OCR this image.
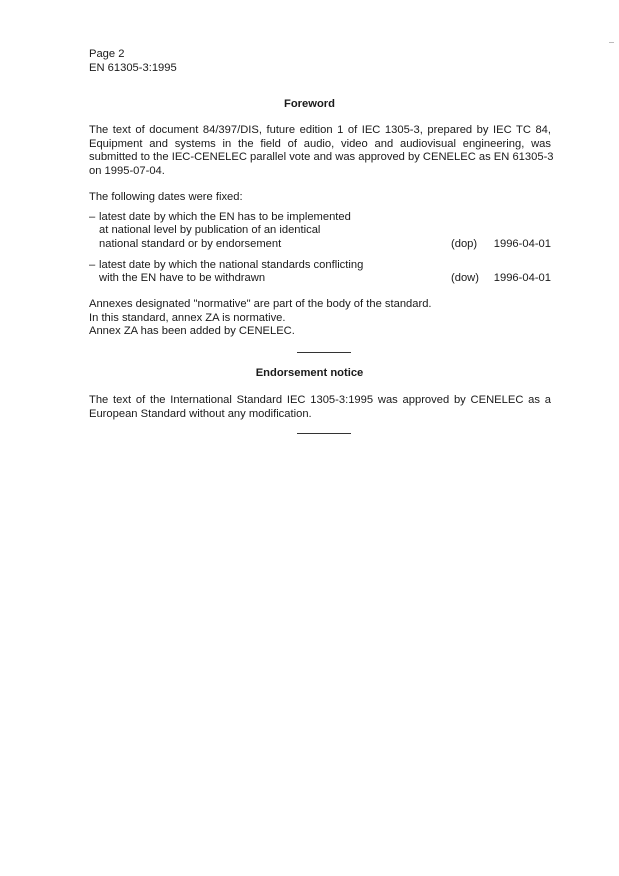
Page 2
EN 61305-3:1995
Foreword
The text of document 84/397/DIS, future edition 1 of IEC 1305-3, prepared by IEC TC 84,
Equipment and systems in the field of audio, video and audiovisual engineering, was
submitted to the IEC-CENELEC parallel vote and was approved by CENELEC as EN 61305-3
on 1995-07-04.
The following dates were fixed:
– latest date by which the EN has to be implemented
at national level by publication of an identical
national standard or by endorsement	(dop) 1996-04-01
– latest date by which the national standards conflicting
with the EN have to be withdrawn	(dow) 1996-04-01
Annexes designated "normative" are part of the body of the standard.
In this standard, annex ZA is normative.
Annex ZA has been added by CENELEC.
Endorsement notice
The text of the International Standard IEC 1305-3:1995 was approved by CENELEC as a
European Standard without any modification.
